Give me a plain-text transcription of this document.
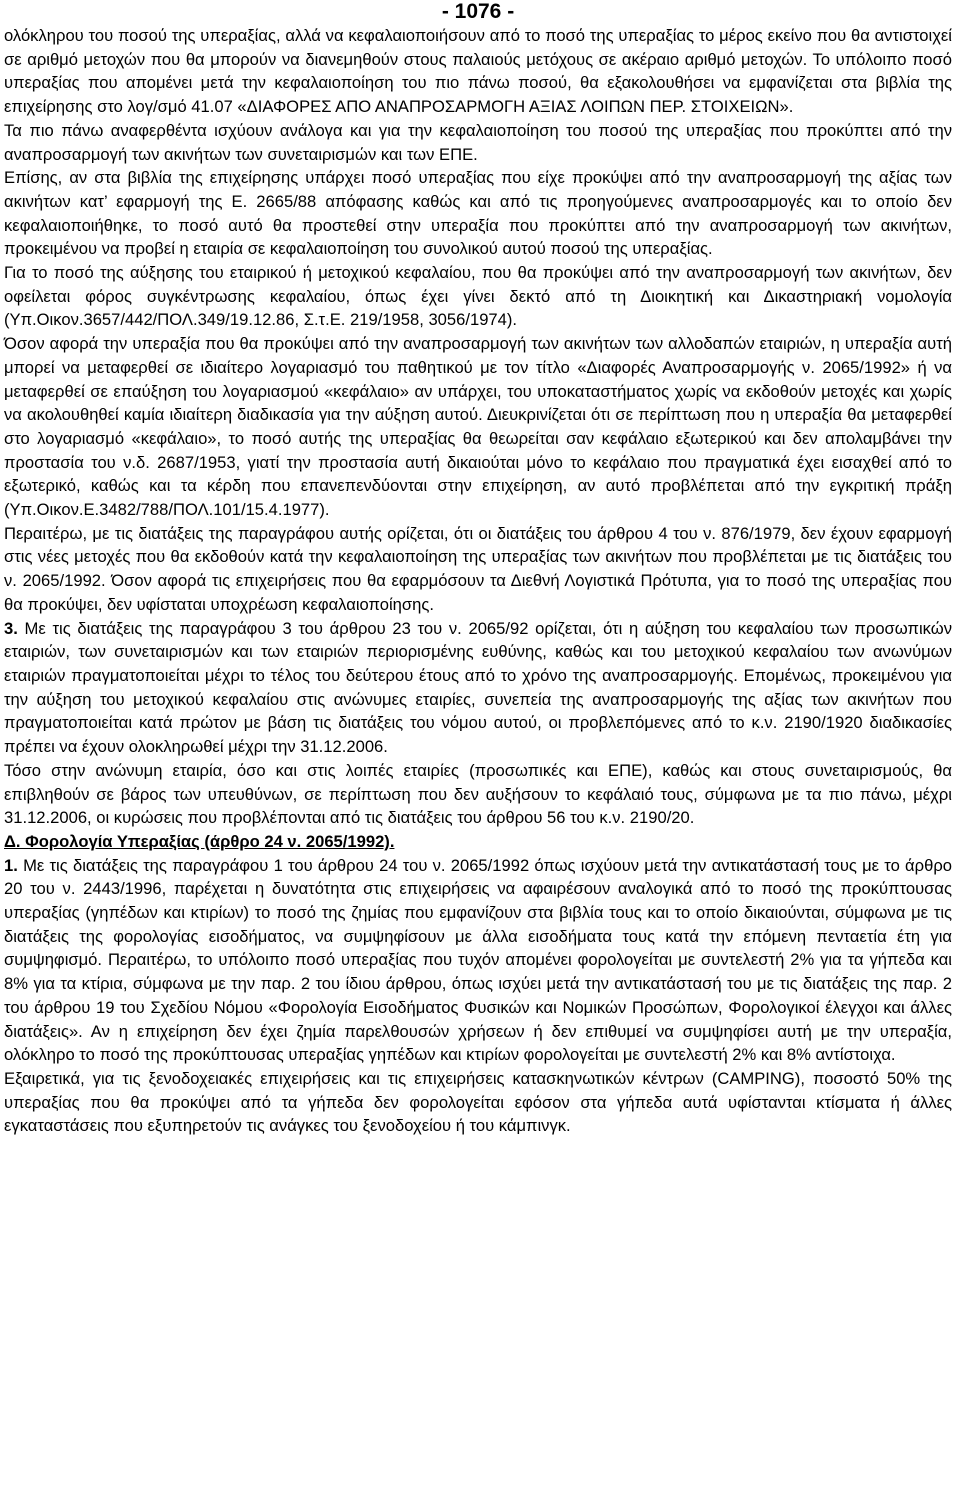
- 1076 -

ολόκληρου του ποσού της υπεραξίας, αλλά να κεφαλαιοποιήσουν από το ποσό της υπεραξίας το μέρος εκείνο που θα αντιστοιχεί σε αριθμό μετοχών που θα μπορούν να διανεμηθούν στους παλαιούς μετόχους σε ακέραιο αριθμό μετοχών. Το υπόλοιπο ποσό υπεραξίας που απομένει μετά την κεφαλαιοποίηση του πιο πάνω ποσού, θα εξακολουθήσει να εμφανίζεται στα βιβλία της επιχείρησης στο λογ/σμό 41.07 «ΔΙΑΦΟΡΕΣ ΑΠΟ ΑΝΑΠΡΟΣΑΡΜΟΓΗ ΑΞΙΑΣ ΛΟΙΠΩΝ ΠΕΡ. ΣΤΟΙΧΕΙΩΝ».

Τα πιο πάνω αναφερθέντα ισχύουν ανάλογα και για την κεφαλαιοποίηση του ποσού της υπεραξίας που προκύπτει από την αναπροσαρμογή των ακινήτων των συνεταιρισμών και των ΕΠΕ.

Επίσης, αν στα βιβλία της επιχείρησης υπάρχει ποσό υπεραξίας που είχε προκύψει από την αναπροσαρμογή της αξίας των ακινήτων κατ’ εφαρμογή της Ε. 2665/88 απόφασης καθώς και από τις προηγούμενες αναπροσαρμογές και το οποίο δεν κεφαλαιοποιήθηκε, το ποσό αυτό θα προστεθεί στην υπεραξία που προκύπτει από την αναπροσαρμογή των ακινήτων, προκειμένου να προβεί η εταιρία σε κεφαλαιοποίηση του συνολικού αυτού ποσού της υπεραξίας.

Για το ποσό της αύξησης του εταιρικού ή μετοχικού κεφαλαίου, που θα προκύψει από την αναπροσαρμογή των ακινήτων, δεν οφείλεται φόρος συγκέντρωσης κεφαλαίου, όπως έχει γίνει δεκτό από τη Διοικητική και Δικαστηριακή νομολογία (Υπ.Οικον.3657/442/ΠΟΛ.349/19.12.86, Σ.τ.Ε. 219/1958, 3056/1974).

Όσον αφορά την υπεραξία που θα προκύψει από την αναπροσαρμογή των ακινήτων των αλλοδαπών εταιριών, η υπεραξία αυτή μπορεί να μεταφερθεί σε ιδιαίτερο λογαριασμό του παθητικού με τον τίτλο «Διαφορές Αναπροσαρμογής ν. 2065/1992» ή να μεταφερθεί σε επαύξηση του λογαριασμού «κεφάλαιο» αν υπάρχει, του υποκαταστήματος χωρίς να εκδοθούν μετοχές και χωρίς να ακολουθηθεί καμία ιδιαίτερη διαδικασία για την αύξηση αυτού. Διευκρινίζεται ότι σε περίπτωση που η υπεραξία θα μεταφερθεί στο λογαριασμό «κεφάλαιο», το ποσό αυτής της υπεραξίας θα θεωρείται σαν κεφάλαιο εξωτερικού και δεν απολαμβάνει την προστασία του ν.δ. 2687/1953, γιατί την προστασία αυτή δικαιούται μόνο το κεφάλαιο που πραγματικά έχει εισαχθεί από το εξωτερικό, καθώς και τα κέρδη που επανεπενδύονται στην επιχείρηση, αν αυτό προβλέπεται από την εγκριτική πράξη (Υπ.Οικον.Ε.3482/788/ΠΟΛ.101/15.4.1977).

Περαιτέρω, με τις διατάξεις της παραγράφου αυτής ορίζεται, ότι οι διατάξεις του άρθρου 4 του ν. 876/1979, δεν έχουν εφαρμογή στις νέες μετοχές που θα εκδοθούν κατά την κεφαλαιοποίηση της υπεραξίας των ακινήτων που προβλέπεται με τις διατάξεις του ν. 2065/1992. Όσον αφορά τις επιχειρήσεις που θα εφαρμόσουν τα Διεθνή Λογιστικά Πρότυπα, για το ποσό της υπεραξίας που θα προκύψει, δεν υφίσταται υποχρέωση κεφαλαιοποίησης.

3. Με τις διατάξεις της παραγράφου 3 του άρθρου 23 του ν. 2065/92 ορίζεται, ότι η αύξηση του κεφαλαίου των προσωπικών εταιριών, των συνεταιρισμών και των εταιριών περιορισμένης ευθύνης, καθώς και του μετοχικού κεφαλαίου των ανωνύμων εταιριών πραγματοποιείται μέχρι το τέλος του δεύτερου έτους από το χρόνο της αναπροσαρμογής. Επομένως, προκειμένου για την αύξηση του μετοχικού κεφαλαίου στις ανώνυμες εταιρίες, συνεπεία της αναπροσαρμογής της αξίας των ακινήτων που πραγματοποιείται κατά πρώτον με βάση τις διατάξεις του νόμου αυτού, οι προβλεπόμενες από το κ.ν. 2190/1920 διαδικασίες πρέπει να έχουν ολοκληρωθεί μέχρι την 31.12.2006.

Τόσο στην ανώνυμη εταιρία, όσο και στις λοιπές εταιρίες (προσωπικές και ΕΠΕ), καθώς και στους συνεταιρισμούς, θα επιβληθούν σε βάρος των υπευθύνων, σε περίπτωση που δεν αυξήσουν το κεφάλαιό τους, σύμφωνα με τα πιο πάνω, μέχρι 31.12.2006, οι κυρώσεις που προβλέπονται από τις διατάξεις του άρθρου 56 του κ.ν. 2190/20.

Δ. Φορολογία Υπεραξίας (άρθρο 24 ν. 2065/1992).

1. Με τις διατάξεις της παραγράφου 1 του άρθρου 24 του ν. 2065/1992 όπως ισχύουν μετά την αντικατάστασή τους με το άρθρο 20 του ν. 2443/1996, παρέχεται η δυνατότητα στις επιχειρήσεις να αφαιρέσουν αναλογικά από το ποσό της προκύπτουσας υπεραξίας (γηπέδων και κτιρίων) το ποσό της ζημίας που εμφανίζουν στα βιβλία τους και το οποίο δικαιούνται, σύμφωνα με τις διατάξεις της φορολογίας εισοδήματος, να συμψηφίσουν με άλλα εισοδήματα τους κατά την επόμενη πενταετία έτη για συμψηφισμό. Περαιτέρω, το υπόλοιπο ποσό υπεραξίας που τυχόν απομένει φορολογείται με συντελεστή 2% για τα γήπεδα και 8% για τα κτίρια, σύμφωνα με την παρ. 2 του ίδιου άρθρου, όπως ισχύει μετά την αντικατάστασή του με τις διατάξεις της παρ. 2 του άρθρου 19 του Σχεδίου Νόμου «Φορολογία Εισοδήματος Φυσικών και Νομικών Προσώπων, Φορολογικοί έλεγχοι και άλλες διατάξεις». Αν η επιχείρηση δεν έχει ζημία παρελθουσών χρήσεων ή δεν επιθυμεί να συμψηφίσει αυτή με την υπεραξία, ολόκληρο το ποσό της προκύπτουσας υπεραξίας γηπέδων και κτιρίων φορολογείται με συντελεστή 2% και 8% αντίστοιχα.

Εξαιρετικά, για τις ξενοδοχειακές επιχειρήσεις και τις επιχειρήσεις κατασκηνωτικών κέντρων (CAMPING), ποσοστό 50% της υπεραξίας που θα προκύψει από τα γήπεδα δεν φορολογείται εφόσον στα γήπεδα αυτά υφίστανται κτίσματα ή άλλες εγκαταστάσεις που εξυπηρετούν τις ανάγκες του ξενοδοχείου ή του κάμπινγκ.
